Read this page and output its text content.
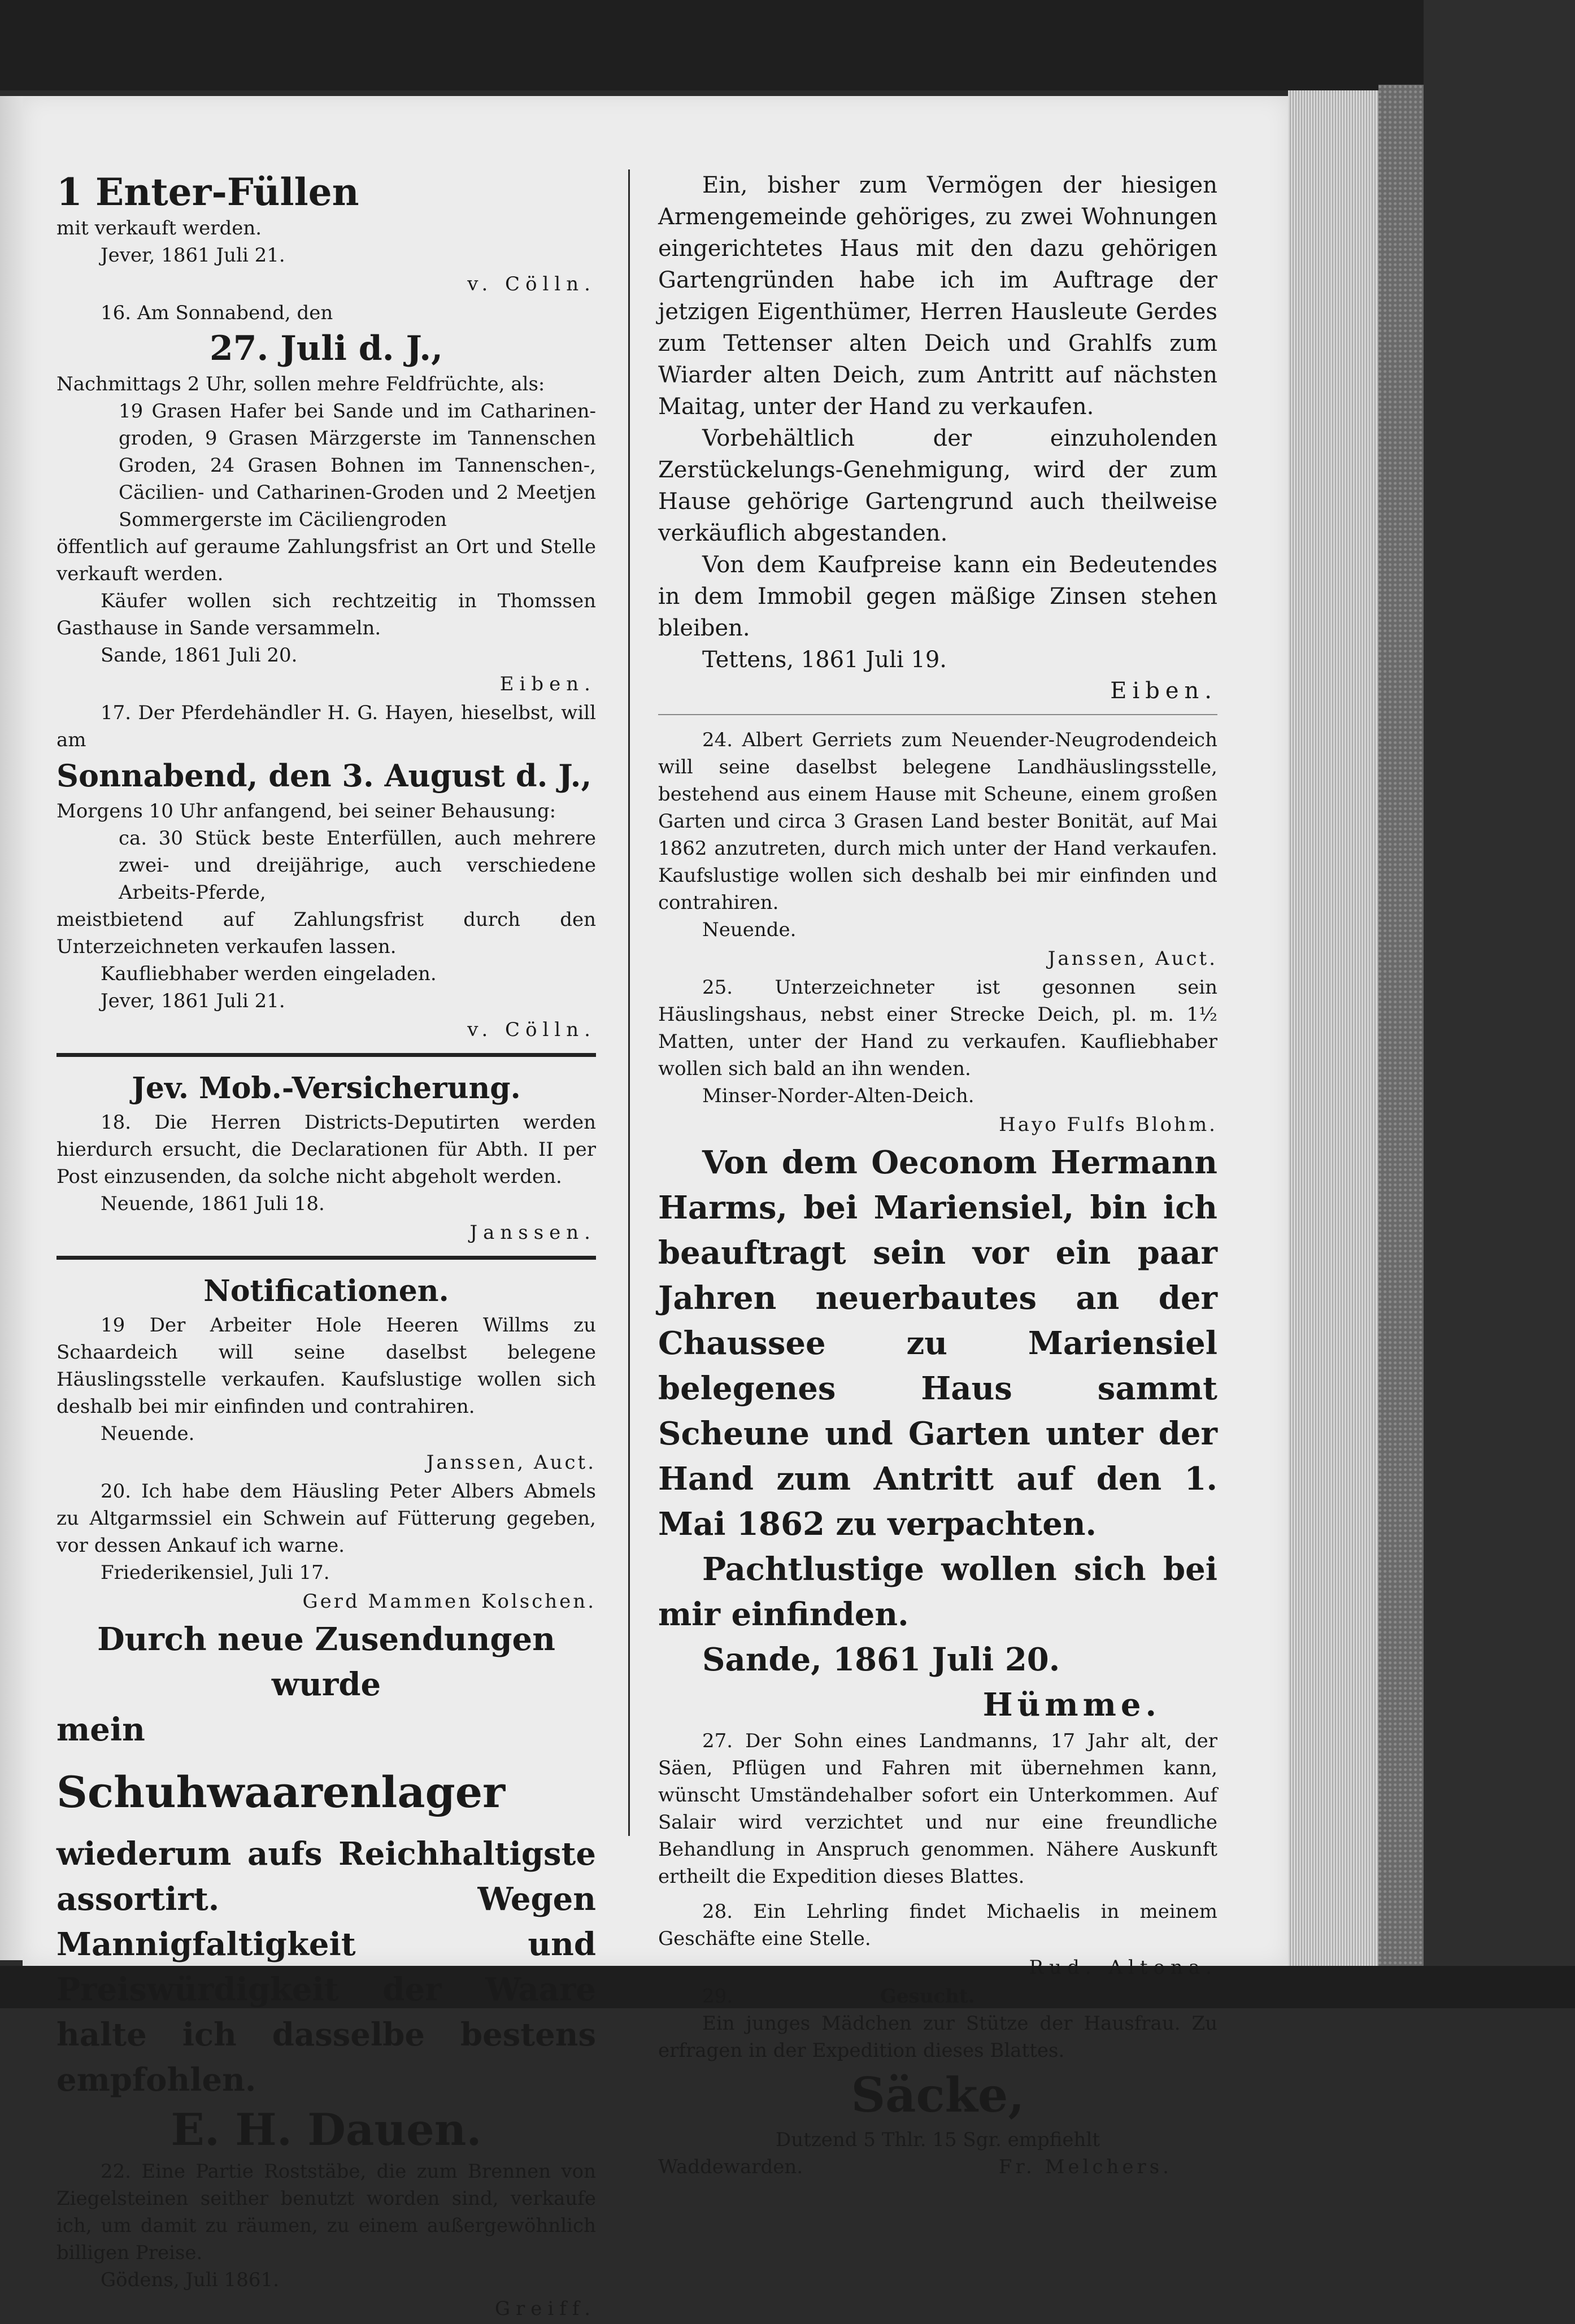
1 Enter-Füllen

mit verkauft werden.

Jever, 1861 Juli 21.

v. Cölln.

16. Am Sonnabend, den

27. Juli d. J.,

Nachmittags 2 Uhr, sollen mehre Feldfrüchte, als:

19 Grasen Hafer bei Sande und im Catharinen-groden, 9 Grasen Märzgerste im Tannenschen Groden, 24 Grasen Bohnen im Tannenschen-, Cäcilien- und Catharinen-Groden und 2 Meetjen Sommergerste im Cäciliengroden

öffentlich auf geraume Zahlungsfrist an Ort und Stelle verkauft werden.

Käufer wollen sich rechtzeitig in Thomssen Gasthause in Sande versammeln.

Sande, 1861 Juli 20.

Eiben.

17. Der Pferdehändler H. G. Hayen, hieselbst, will am

Sonnabend, den 3. August d. J.,

Morgens 10 Uhr anfangend, bei seiner Behausung:

ca. 30 Stück beste Enterfüllen, auch mehrere zwei- und dreijährige, auch verschiedene Arbeits-Pferde,

meistbietend auf Zahlungsfrist durch den Unterzeichneten verkaufen lassen.

Kaufliebhaber werden eingeladen.

Jever, 1861 Juli 21.

v. Cölln.

Jev. Mob.-Versicherung.

18. Die Herren Districts-Deputirten werden hierdurch ersucht, die Declarationen für Abth. II per Post einzusenden, da solche nicht abgeholt werden.

Neuende, 1861 Juli 18.

Janssen.

Notificationen.

19 Der Arbeiter Hole Heeren Willms zu Schaardeich will seine daselbst belegene Häuslingsstelle verkaufen. Kaufslustige wollen sich deshalb bei mir einfinden und contrahiren.

Neuende.

Janssen, Auct.

20. Ich habe dem Häusling Peter Albers Abmels zu Altgarmssiel ein Schwein auf Fütterung gegeben, vor dessen Ankauf ich warne.

Friederikensiel, Juli 17.

Gerd Mammen Kolschen.

Durch neue Zusendungen wurde

mein Schuhwaarenlager

wiederum aufs Reichhaltigste assortirt. Wegen Mannigfaltigkeit und Preiswürdigkeit der Waare halte ich dasselbe bestens empfohlen.

E. H. Dauen.

22. Eine Partie Roststäbe, die zum Brennen von Ziegelsteinen seither benutzt worden sind, verkaufe ich, um damit zu räumen, zu einem außergewöhnlich billigen Preise.

Gödens, Juli 1861.

Greiff.

Ein, bisher zum Vermögen der hiesigen Armengemeinde gehöriges, zu zwei Wohnungen eingerichtetes Haus mit den dazu gehörigen Gartengründen habe ich im Auftrage der jetzigen Eigenthümer, Herren Hausleute Gerdes zum Tettenser alten Deich und Grahlfs zum Wiarder alten Deich, zum Antritt auf nächsten Maitag, unter der Hand zu verkaufen.

Vorbehältlich der einzuholenden Zerstückelungs-Genehmigung, wird der zum Hause gehörige Gartengrund auch theilweise verkäuflich abgestanden.

Von dem Kaufpreise kann ein Bedeutendes in dem Immobil gegen mäßige Zinsen stehen bleiben.

Tettens, 1861 Juli 19.

Eiben.

24. Albert Gerriets zum Neuender-Neugrodendeich will seine daselbst belegene Landhäuslingsstelle, bestehend aus einem Hause mit Scheune, einem großen Garten und circa 3 Grasen Land bester Bonität, auf Mai 1862 anzutreten, durch mich unter der Hand verkaufen. Kaufslustige wollen sich deshalb bei mir einfinden und contrahiren.

Neuende.

Janssen, Auct.

25. Unterzeichneter ist gesonnen sein Häuslingshaus, nebst einer Strecke Deich, pl. m. 1½ Matten, unter der Hand zu verkaufen. Kaufliebhaber wollen sich bald an ihn wenden.

Minser-Norder-Alten-Deich.

Hayo Fulfs Blohm.

Von dem Oeconom Hermann Harms, bei Mariensiel, bin ich beauftragt sein vor ein paar Jahren neuerbautes an der Chaussee zu Mariensiel belegenes Haus sammt Scheune und Garten unter der Hand zum Antritt auf den 1. Mai 1862 zu verpachten.

Pachtlustige wollen sich bei mir einfinden.

Sande, 1861 Juli 20.

Hümme.

27. Der Sohn eines Landmanns, 17 Jahr alt, der Säen, Pflügen und Fahren mit übernehmen kann, wünscht Umständehalber sofort ein Unterkommen. Auf Salair wird verzichtet und nur eine freundliche Behandlung in Anspruch genommen. Nähere Auskunft ertheilt die Expedition dieses Blattes.

28. Ein Lehrling findet Michaelis in meinem Geschäfte eine Stelle.

Rud. Altona.

29.	Gesucht.

Ein junges Mädchen zur Stütze der Hausfrau. Zu erfragen in der Expedition dieses Blattes.

Säcke,

Dutzend 5 Thlr. 15 Sgr. empfiehlt

Waddewarden.	Fr. Melchers.
